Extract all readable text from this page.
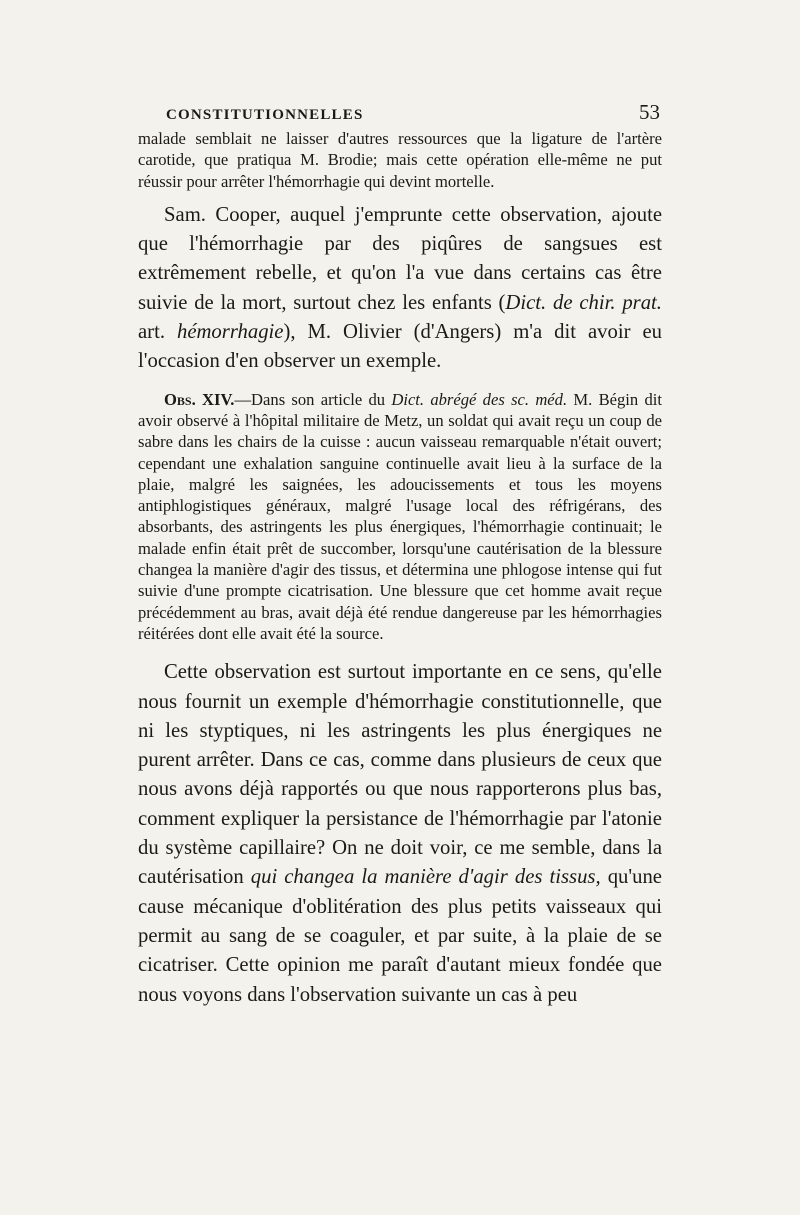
CONSTITUTIONNELLES	53

malade semblait ne laisser d'autres ressources que la ligature de l'artère carotide, que pratiqua M. Brodie; mais cette opération elle-même ne put réussir pour arrêter l'hémorrhagie qui devint mortelle.

Sam. Cooper, auquel j'emprunte cette observation, ajoute que l'hémorrhagie par des piqûres de sangsues est extrêmement rebelle, et qu'on l'a vue dans certains cas être suivie de la mort, surtout chez les enfants (Dict. de chir. prat. art. hémorrhagie), M. Olivier (d'Angers) m'a dit avoir eu l'occasion d'en observer un exemple.

Obs. XIV.—Dans son article du Dict. abrégé des sc. méd. M. Bégin dit avoir observé à l'hôpital militaire de Metz, un soldat qui avait reçu un coup de sabre dans les chairs de la cuisse : aucun vaisseau remarquable n'était ouvert; cependant une exhalation sanguine continuelle avait lieu à la surface de la plaie, malgré les saignées, les adoucissements et tous les moyens antiphlogistiques généraux, malgré l'usage local des réfrigérans, des absorbants, des astringents les plus énergiques, l'hémorrhagie continuait; le malade enfin était prêt de succomber, lorsqu'une cautérisation de la blessure changea la manière d'agir des tissus, et détermina une phlogose intense qui fut suivie d'une prompte cicatrisation. Une blessure que cet homme avait reçue précédemment au bras, avait déjà été rendue dangereuse par les hémorrhagies réitérées dont elle avait été la source.

Cette observation est surtout importante en ce sens, qu'elle nous fournit un exemple d'hémorrhagie constitutionnelle, que ni les styptiques, ni les astringents les plus énergiques ne purent arrêter. Dans ce cas, comme dans plusieurs de ceux que nous avons déjà rapportés ou que nous rapporterons plus bas, comment expliquer la persistance de l'hémorrhagie par l'atonie du système capillaire? On ne doit voir, ce me semble, dans la cautérisation qui changea la manière d'agir des tissus, qu'une cause mécanique d'oblitération des plus petits vaisseaux qui permit au sang de se coaguler, et par suite, à la plaie de se cicatriser. Cette opinion me paraît d'autant mieux fondée que nous voyons dans l'observation suivante un cas à peu
